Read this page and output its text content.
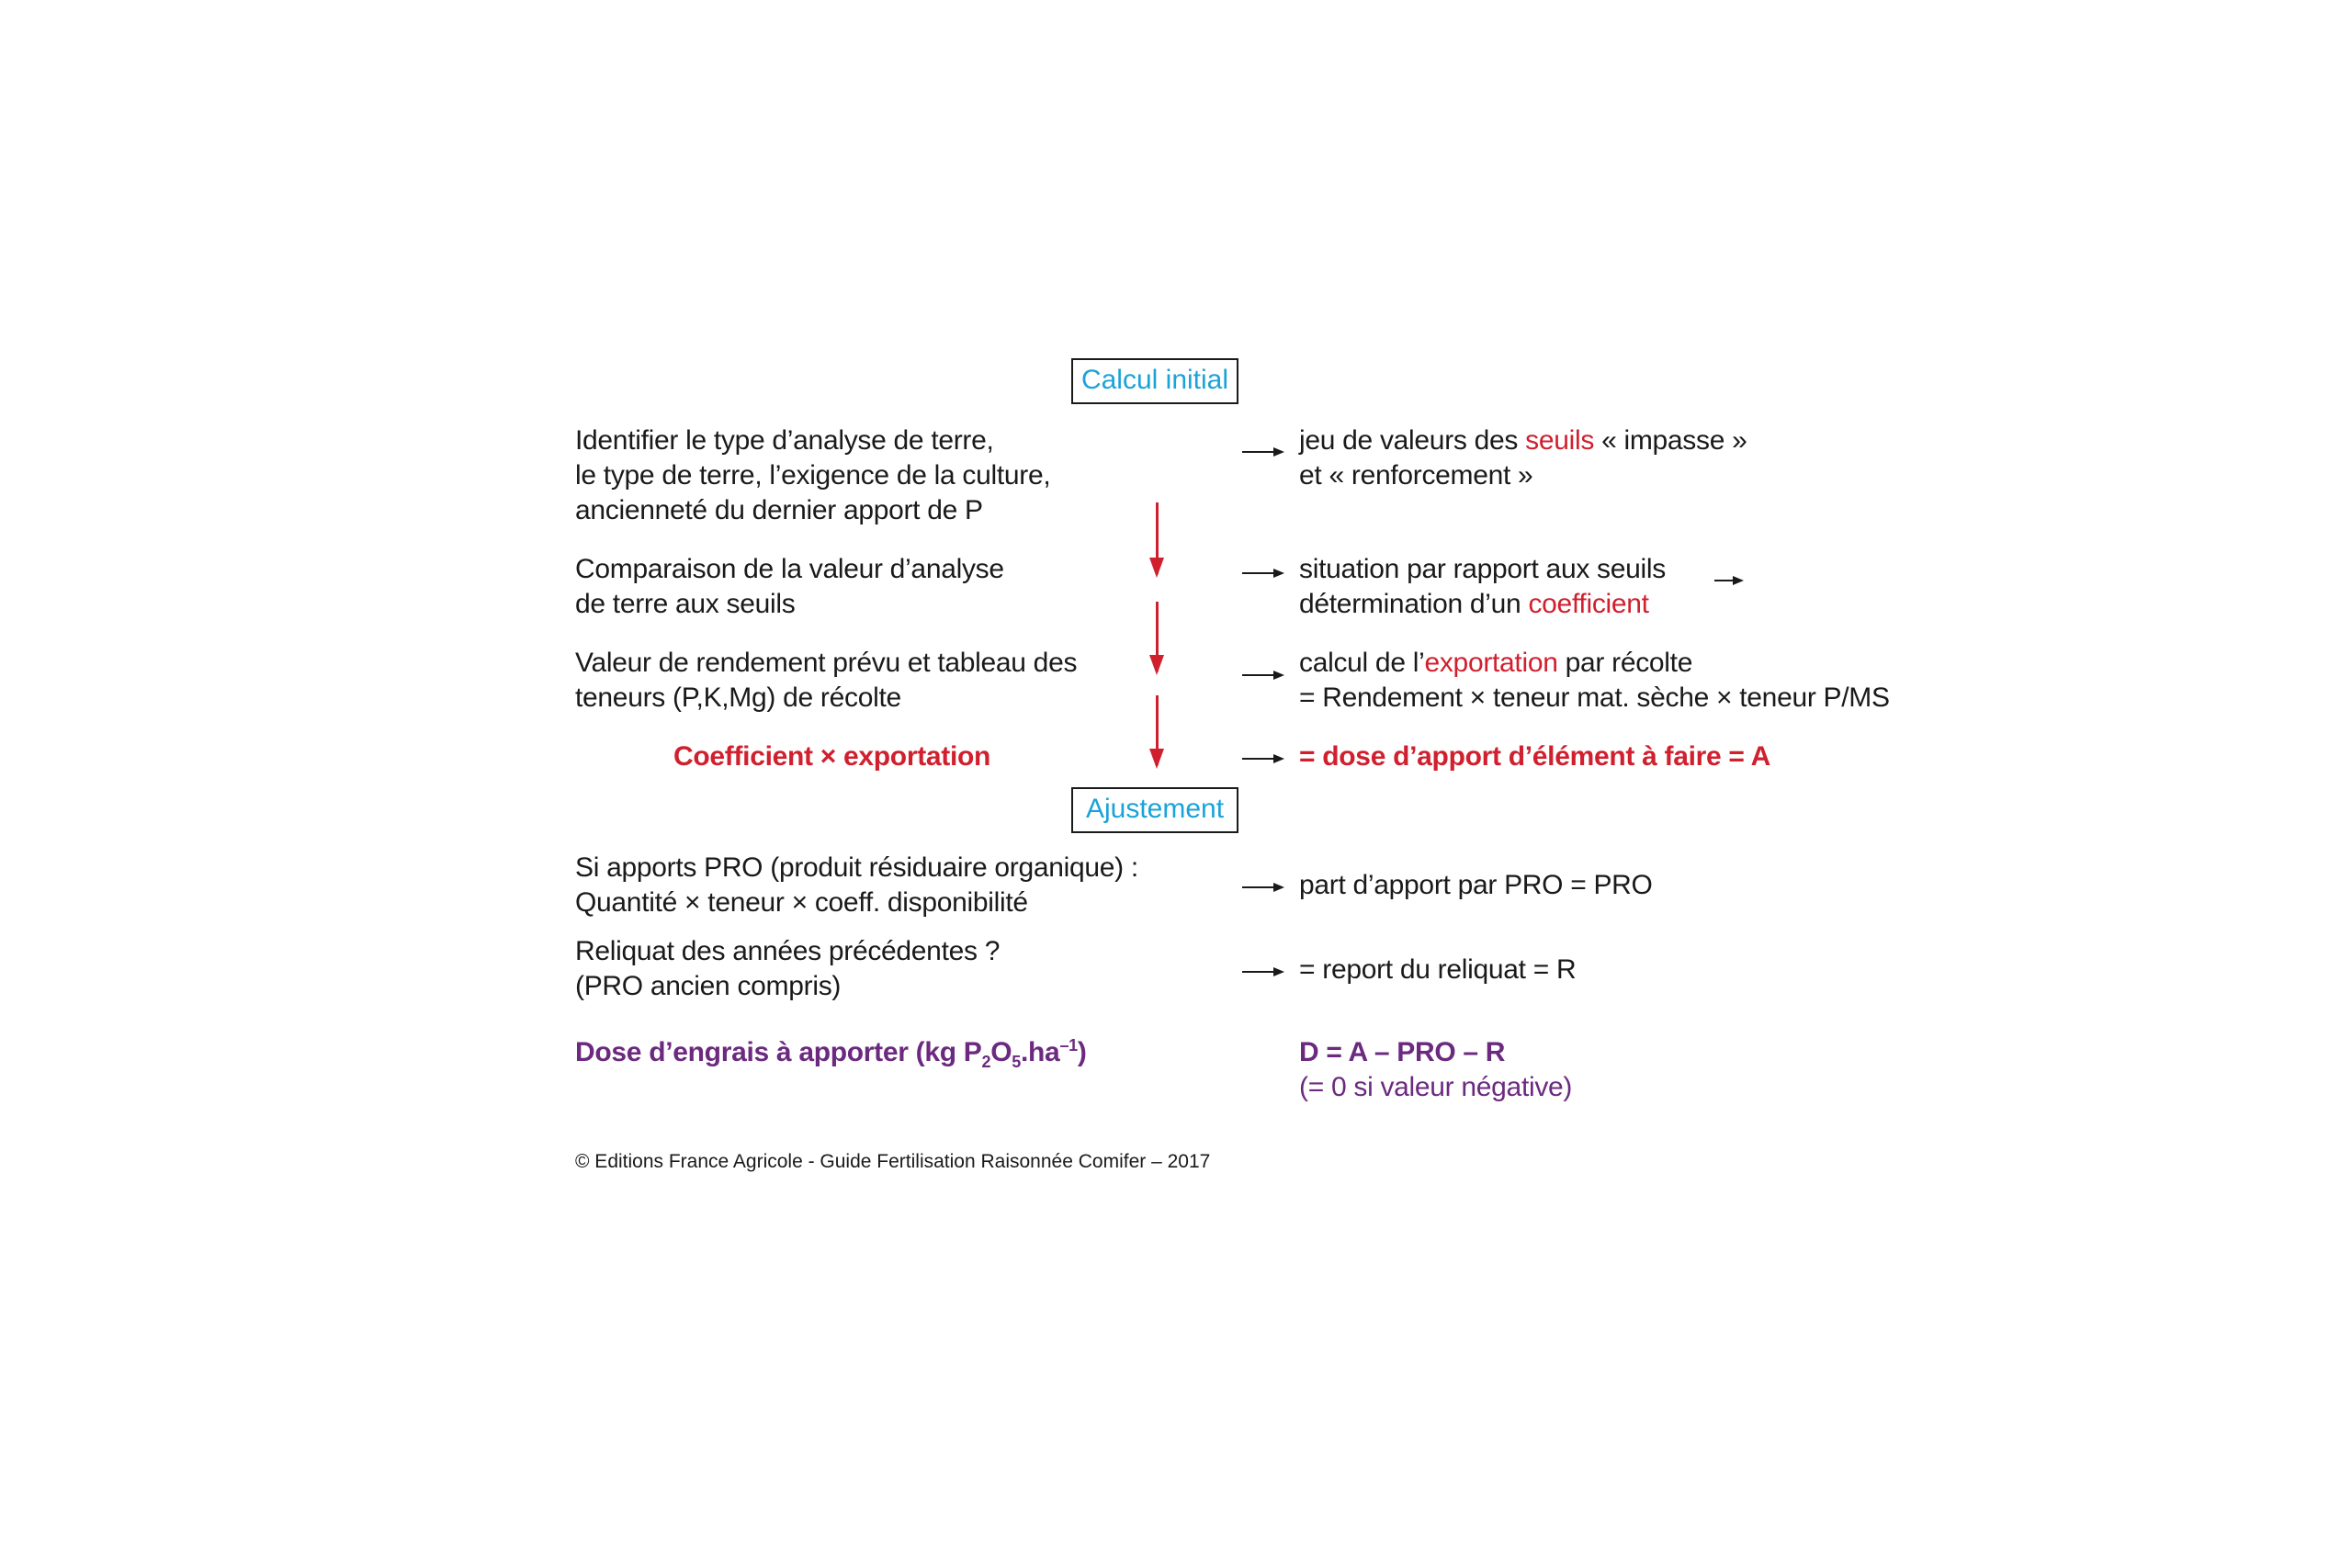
Calcul initial
Ajustement
Identifier le type d’analyse de terre,
le type de terre, l’exigence de la culture,
ancienneté du dernier apport de P
jeu de valeurs des seuils « impasse »
et « renforcement »
Comparaison de la valeur d’analyse
de terre aux seuils
situation par rapport aux seuils
détermination d’un coefficient
Valeur de rendement prévu et tableau des
teneurs (P,K,Mg) de récolte
calcul de l’exportation par récolte
= Rendement × teneur mat. sèche × teneur P/MS
Coefficient × exportation	= dose d’apport d’élément à faire = A
Si apports PRO (produit résiduaire organique) :
Quantité × teneur × coeff. disponibilité
part d’apport par PRO = PRO
Reliquat des années précédentes ?
(PRO ancien compris)
= report du reliquat = R
Dose d’engrais à apporter (kg $P_2O_5.ha^{-1}$)	D = A – PRO – R
(= 0 si valeur négative)
© Editions France Agricole - Guide Fertilisation Raisonnée Comifer – 2017
